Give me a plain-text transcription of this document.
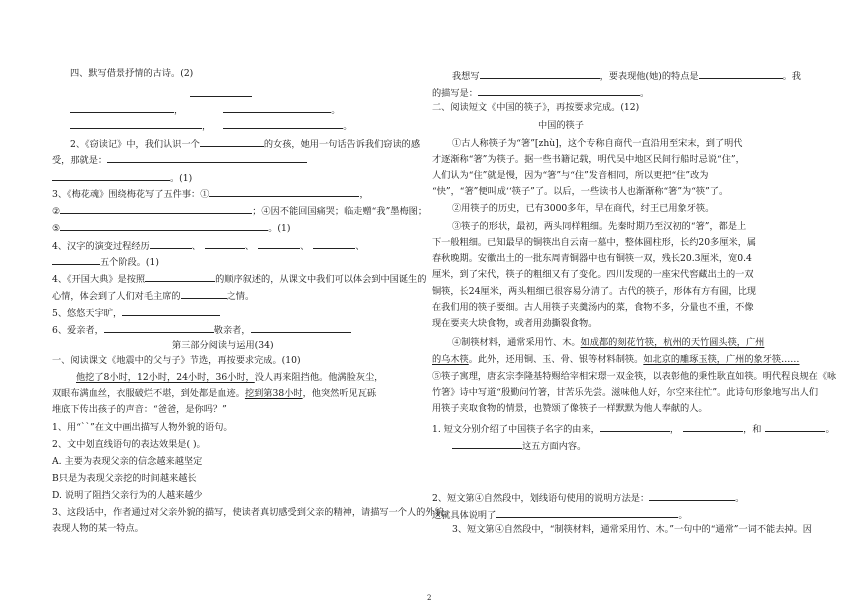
四、默写借景抒情的古诗。(2)
，	。
，	。
2、《窃读记》中，我们认识一个	的女孩，她用一句话告诉我们窃读的感
受，那就是：
。(1)
3、《梅花魂》围绕梅花写了五件事：①	，
②	；④因不能回国痛哭；临走赠“我”墨梅图；
⑤	。(1)
4、汉字的演变过程经历	、	、	、	、
五个阶段。(1)
4、《开国大典》是按照	的顺序叙述的，从课文中我们可以体会到中国诞生的
心情，体会到了人们对毛主席的	之情。
5、悠悠天宇旷，
6、爱亲者，	敬亲者，
第三部分阅读与运用(34)
一、阅读课文《地震中的父与子》节选，再按要求完成。(10)
他挖了8小时，12小时，24小时，36小时，没人再来阻挡他。他满脸灰尘，
双眼布满血丝，衣服破烂不堪，到处都是血迹。挖到第38小时，他突然听见瓦砾
堆底下传出孩子的声音：“爸爸，是你吗？”
1、用“``”在文中画出描写人物外貌的语句。
2、文中划直线语句的表达效果是( )。
A. 主要为表现父亲的信念越来越坚定
B只是为表现父亲挖的时间越来越长
D. 说明了阻挡父亲行为的人越来越少
3、这段话中，作者通过对父亲外貌的描写，使读者真切感受到父亲的精神，请描写一个人的外貌，
表现人物的某一特点。
我想写	，要表现他(她)的特点是	。我
的描写是：	。
二、阅读短文《中国的筷子》，再按要求完成。(12)
中国的筷子
①古人称筷子为“箸”[zhù]，这个专称自商代一直沿用至宋末，到了明代
才逐渐称“箸”为筷子。据一些书籍记载，明代吴中地区民间行船时忌说“住”，
人们认为“住”就是慢，因为“箸”与“住”发音相同，所以更把“住”改为
“快”，“箸”便叫成‘‘筷子”了。以后，一些读书人也渐渐称“箸”为“筷”了。
②用筷子的历史，已有3000多年，早在商代，纣王已用象牙筷。
③筷子的形状，最初，两头同样粗细。先秦时期乃至汉初的“箸”，都是上
下一般粗细。已知最早的铜筷出自云南一墓中，整体圆柱形，长约20多厘米，属
春秋晚期。安徽出土的一批东周青铜器中也有铜筷一双，残长20.3厘米，宽0.4
厘米，到了宋代，筷子的粗细又有了变化。四川发现的一座宋代窖藏出土的一双
铜筷，长24厘米，两头粗细已很容易分清了。古代的筷子，形体有方有圆，比现
在我们用的筷子要细。古人用筷子夹羹汤内的菜，食物不多，分量也不重，不像
现在要夹大块食物，或者用劲撕裂食物。
④制筷材料，通常采用竹、木。如成都的刻花竹筷，杭州的天竹圆头筷，广州
的乌木筷。此外，还用铜、玉、骨、银等材料制筷。如北京的雕琢玉筷，广州的象牙筷……
⑤筷子寓理，唐玄宗李隆基特赐给宰相宋璟一双金筷，以表彰他的秉性耿直如筷。明代程良规在《咏
竹箸》诗中写道“殷勤问竹箸，甘苦乐先尝。滋味他人好，尔空来往忙”。此诗句形象地写出人们
用筷子夹取食物的情景，也赞颂了像筷子一样默默为他人奉献的人。
1. 短文分别介绍了中国筷子名字的由来，	，	，和	。
这五方面内容。
2、短文第④自然段中，划线语句使用的说明方法是：	。
这就具体说明了	。
3、短文第④自然段中，“制筷材料，通常采用竹、木。”一句中的“通常”一词不能去掉。因
2
